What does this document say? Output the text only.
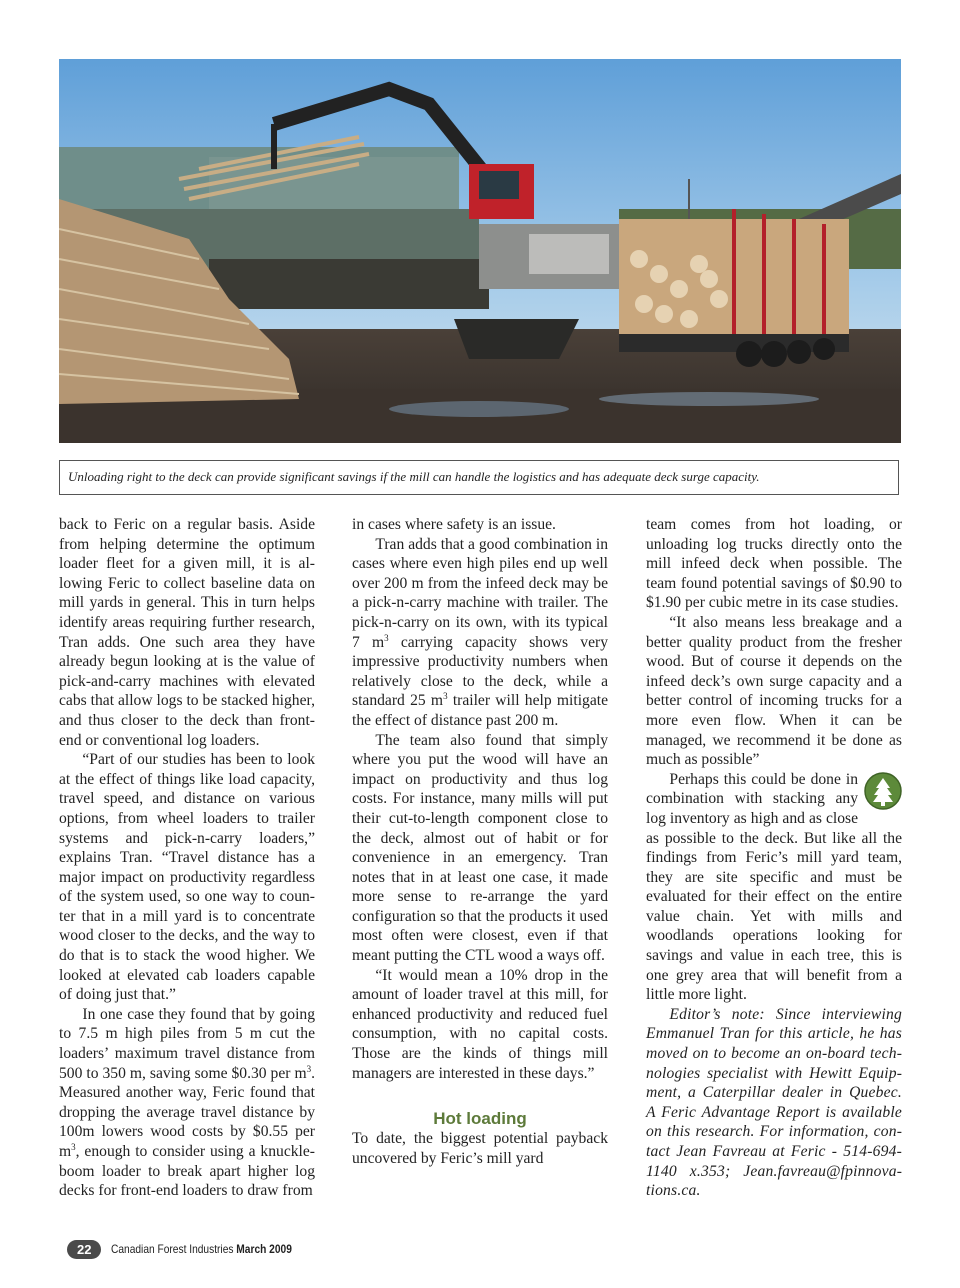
Unloading right to the deck can provide significant savings if the mill can handle the logistics and has adequate deck surge capacity.

back to Feric on a regular basis. Aside from helping determine the optimum loader fleet for a given mill, it is allowing Feric to collect baseline data on mill yards in general. This in turn helps identify areas requiring further research, Tran adds. One such area they have already begun looking at is the value of pick-and-carry machines with elevated cabs that allow logs to be stacked higher, and thus closer to the deck than front-end or conventional log loaders.

“Part of our studies has been to look at the effect of things like load capacity, travel speed, and distance on various options, from wheel loaders to trailer systems and pick-n-carry loaders,” explains Tran. “Travel distance has a major impact on productivity regardless of the system used, so one way to counter that in a mill yard is to concentrate wood closer to the decks, and the way to do that is to stack the wood higher. We looked at elevated cab loaders capable of doing just that.”

In one case they found that by going to 7.5 m high piles from 5 m cut the loaders’ maximum travel distance from 500 to 350 m, saving some $0.30 per $m^3$. Measured another way, Feric found that dropping the average travel distance by 100m lowers wood costs by $0.55 per $m^3$, enough to consider using a knuckleboom loader to break apart higher log decks for front-end loaders to draw from

in cases where safety is an issue.

Tran adds that a good combination in cases where even high piles end up well over 200 m from the infeed deck may be a pick-n-carry machine with trailer. The pick-n-carry on its own, with its typical 7 $m^3$ carrying capacity shows very impressive productivity numbers when relatively close to the deck, while a standard 25 $m^3$ trailer will help mitigate the effect of distance past 200 m.

The team also found that simply where you put the wood will have an impact on productivity and thus log costs. For instance, many mills will put their cut-to-length component close to the deck, almost out of habit or for convenience in an emergency. Tran notes that in at least one case, it made more sense to re-arrange the yard configuration so that the products it used most often were closest, even if that meant putting the CTL wood a ways off.

“It would mean a 10% drop in the amount of loader travel at this mill, for enhanced productivity and reduced fuel consumption, with no capital costs. Those are the kinds of things mill managers are interested in these days.”

Hot loading

To date, the biggest potential payback uncovered by Feric’s mill yard

team comes from hot loading, or unloading log trucks directly onto the mill infeed deck when possible. The team found potential savings of $0.90 to $1.90 per cubic metre in its case studies.

“It also means less breakage and a better quality product from the fresher wood. But of course it depends on the infeed deck’s own surge capacity and a better control of incoming trucks for a more even flow. When it can be managed, we recommend it be done as much as possible”

Perhaps this could be done in combination with stacking any log inventory as high and as close as possible to the deck. But like all the findings from Feric’s mill yard team, they are site specific and must be evaluated for their effect on the entire value chain. Yet with mills and woodlands operations looking for savings and value in each tree, this is one grey area that will benefit from a little more light.

Editor’s note: Since interviewing Emmanuel Tran for this article, he has moved on to become an on-board technologies specialist with Hewitt Equipment, a Caterpillar dealer in Quebec. A Feric Advantage Report is available on this research. For information, contact Jean Favreau at Feric - 514-694-1140 x.353; Jean.favreau@fpinnovations.ca.

22	Canadian Forest Industries March 2009
